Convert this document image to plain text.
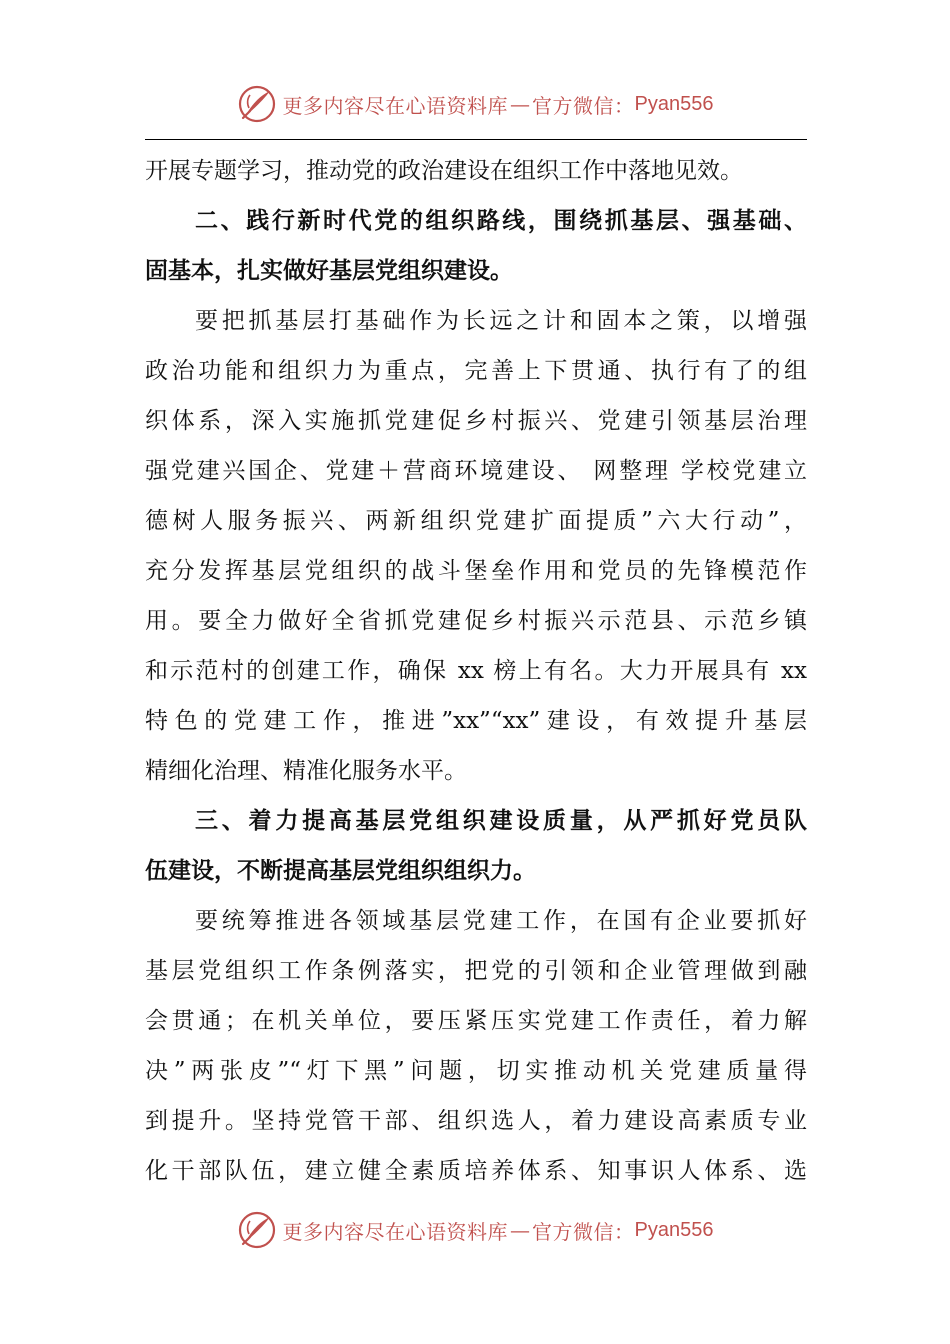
更多内容尽在心语资料库 — 官方微信： Pyan556
开展专题学习，推动党的政治建设在组织工作中落地见效。
二、践行新时代党的组织路线，围绕抓基层、强基础、
固基本，扎实做好基层党组织建设。
要把抓基层打基础作为长远之计和固本之策，以增强
政治功能和组织力为重点，完善上下贯通、执行有了的组
织体系，深入实施抓党建促乡村振兴、党建引领基层治理
强党建兴国企、党建＋营商环境建设、 网整理 学校党建立
德树人服务振兴、两新组织党建扩面提质”六大行动”，
充分发挥基层党组织的战斗堡垒作用和党员的先锋模范作
用。要全力做好全省抓党建促乡村振兴示范县、示范乡镇
和示范村的创建工作，确保 xx 榜上有名。大力开展具有 xx
特色的党建工作，推进”xx”“xx”建设，有效提升基层
精细化治理、精准化服务水平。
三、着力提高基层党组织建设质量，从严抓好党员队
伍建设，不断提高基层党组织组织力。
要统筹推进各领域基层党建工作，在国有企业要抓好
基层党组织工作条例落实，把党的引领和企业管理做到融
会贯通；在机关单位，要压紧压实党建工作责任，着力解
决”两张皮”“灯下黑”问题，切实推动机关党建质量得
到提升。坚持党管干部、组织选人，着力建设高素质专业
化干部队伍，建立健全素质培养体系、知事识人体系、选
更多内容尽在心语资料库 — 官方微信： Pyan556
